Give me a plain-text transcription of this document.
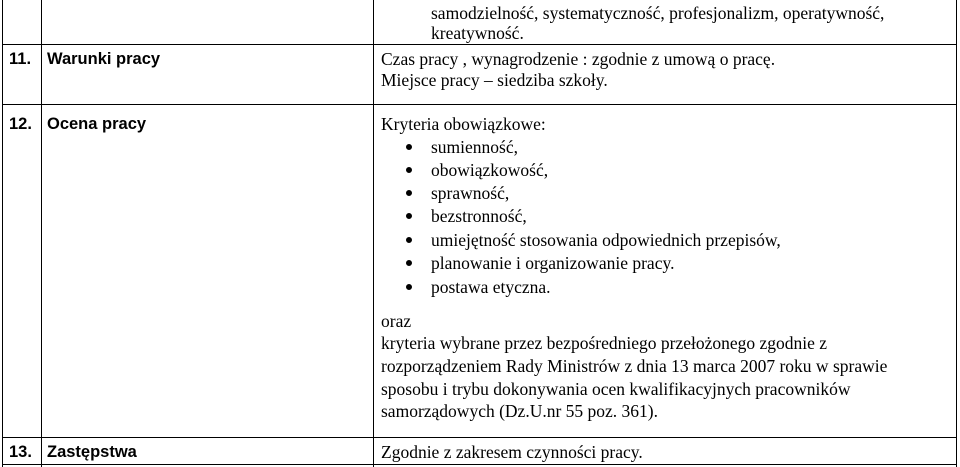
samodzielność, systematyczność, profesjonalizm, operatywność,
kreatywność.
11. Warunki pracy	Czas pracy , wynagrodzenie : zgodnie z umową o pracę.
Miejsce pracy – siedziba szkoły.
12. Ocena pracy	Kryteria obowiązkowe:
sumienność,
obowiązkowość,
sprawność,
bezstronność,
umiejętność stosowania odpowiednich przepisów,
planowanie i organizowanie pracy.
postawa etyczna.
oraz
kryteria wybrane przez bezpośredniego przełożonego zgodnie z
rozporządzeniem Rady Ministrów z dnia 13 marca 2007 roku w sprawie
sposobu i trybu dokonywania ocen kwalifikacyjnych pracowników
samorządowych (Dz.U.nr 55 poz. 361).
13. Zastępstwa	Zgodnie z zakresem czynności pracy.
